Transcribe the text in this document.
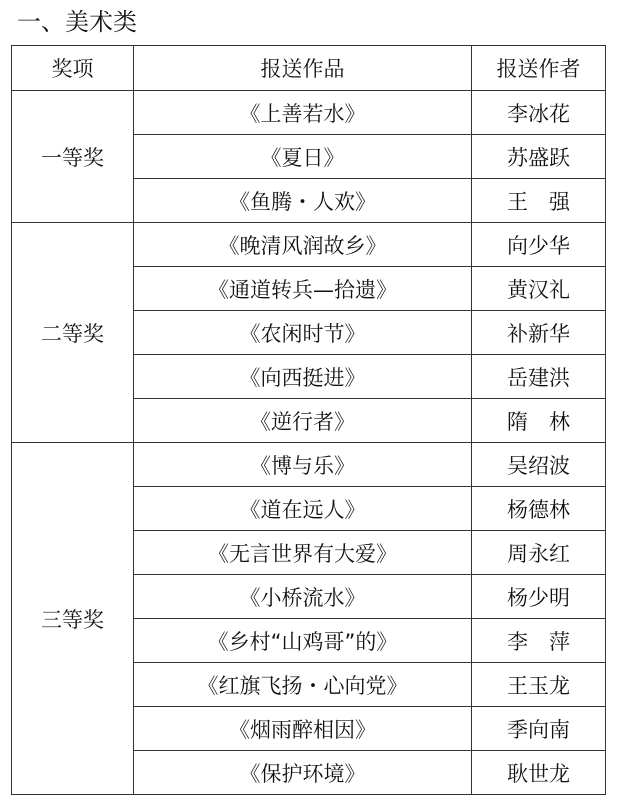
一、美术类
奖项	报送作品	报送作者
一等奖	《上善若水》	李冰花
	《夏日》	苏盛跃
	《鱼腾・人欢》	王　强
二等奖	《晚清风润故乡》	向少华
	《通道转兵—拾遗》	黄汉礼
	《农闲时节》	补新华
	《向西挺进》	岳建洪
	《逆行者》	隋　林
三等奖	《博与乐》	吴绍波
	《道在远人》	杨德林
	《无言世界有大爱》	周永红
	《小桥流水》	杨少明
	《乡村“山鸡哥”的》	李　萍
	《红旗飞扬・心向党》	王玉龙
	《烟雨醉相因》	季向南
	《保护环境》	耿世龙
